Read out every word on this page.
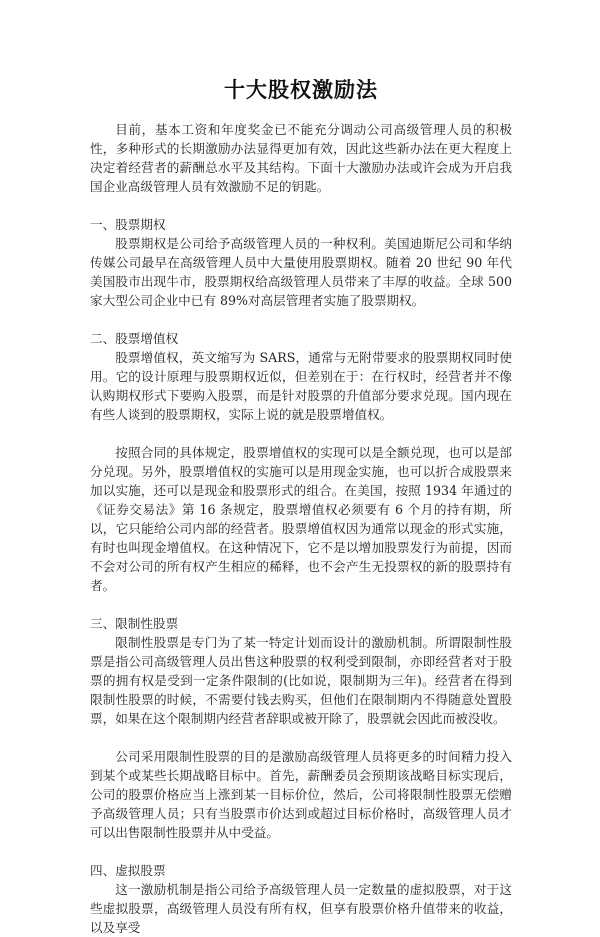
十大股权激励法

目前，基本工资和年度奖金已不能充分调动公司高级管理人员的积极性，多种形式的长期激励办法显得更加有效，因此这些新办法在更大程度上决定着经营者的薪酬总水平及其结构。下面十大激励办法或许会成为开启我国企业高级管理人员有效激励不足的钥匙。

一、股票期权

股票期权是公司给予高级管理人员的一种权利。美国迪斯尼公司和华纳传媒公司最早在高级管理人员中大量使用股票期权。随着 20 世纪 90 年代美国股市出现牛市，股票期权给高级管理人员带来了丰厚的收益。全球 500 家大型公司企业中已有 89%对高层管理者实施了股票期权。

二、股票增值权

股票增值权，英文缩写为 SARS，通常与无附带要求的股票期权同时使用。它的设计原理与股票期权近似，但差别在于：在行权时，经营者并不像认购期权形式下要购入股票，而是针对股票的升值部分要求兑现。国内现在有些人谈到的股票期权，实际上说的就是股票增值权。

按照合同的具体规定，股票增值权的实现可以是全额兑现，也可以是部分兑现。另外，股票增值权的实施可以是用现金实施，也可以折合成股票来加以实施，还可以是现金和股票形式的组合。在美国，按照 1934 年通过的《证券交易法》第 16 条规定，股票增值权必须要有 6 个月的持有期，所以，它只能给公司内部的经营者。股票增值权因为通常以现金的形式实施，有时也叫现金增值权。在这种情况下，它不是以增加股票发行为前提，因而不会对公司的所有权产生相应的稀释，也不会产生无投票权的新的股票持有者。

三、限制性股票

限制性股票是专门为了某一特定计划而设计的激励机制。所谓限制性股票是指公司高级管理人员出售这种股票的权利受到限制，亦即经营者对于股票的拥有权是受到一定条件限制的(比如说，限制期为三年)。经营者在得到限制性股票的时候，不需要付钱去购买，但他们在限制期内不得随意处置股票，如果在这个限制期内经营者辞职或被开除了，股票就会因此而被没收。

公司采用限制性股票的目的是激励高级管理人员将更多的时间精力投入到某个或某些长期战略目标中。首先，薪酬委员会预期该战略目标实现后，公司的股票价格应当上涨到某一目标价位，然后，公司将限制性股票无偿赠予高级管理人员；只有当股票市价达到或超过目标价格时，高级管理人员才可以出售限制性股票并从中受益。

四、虚拟股票

这一激励机制是指公司给予高级管理人员一定数量的虚拟股票，对于这些虚拟股票，高级管理人员没有所有权，但享有股票价格升值带来的收益，以及享受
